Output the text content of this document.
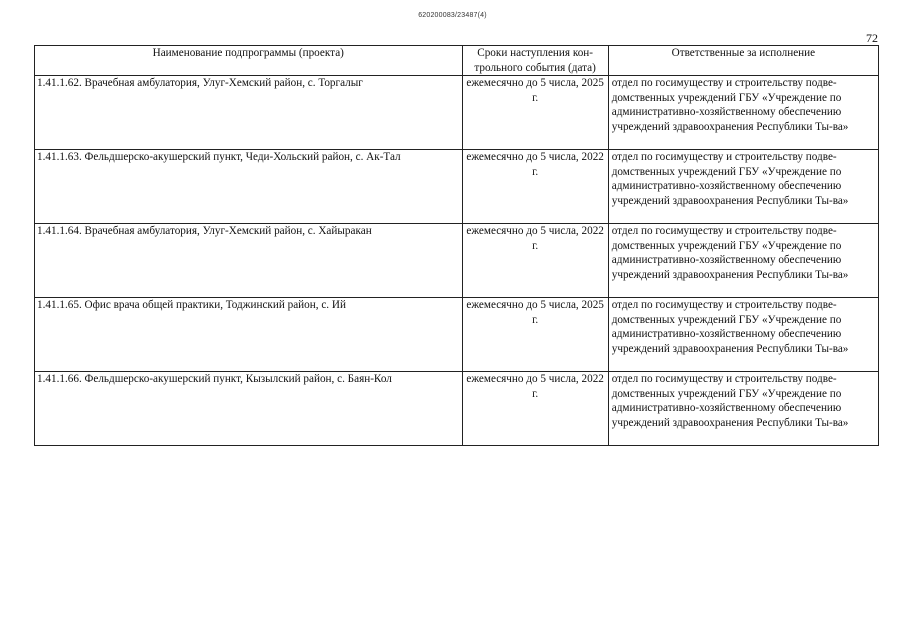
620200083/23487(4)
72
Наименование подпрограммы (проекта)	Сроки наступления кон-трольного события (дата)	Ответственные за исполнение
1.41.1.62. Врачебная амбулатория, Улуг-Хемский район, с. Торгалыг	ежемесячно до 5 числа, 2025 г.	отдел по госимуществу и строительству подве-домственных учреждений ГБУ «Учреждение по административно-хозяйственному обеспечению учреждений здравоохранения Республики Ты-ва»
1.41.1.63. Фельдшерско-акушерский пункт, Чеди-Хольский район, с. Ак-Тал	ежемесячно до 5 числа, 2022 г.	отдел по госимуществу и строительству подве-домственных учреждений ГБУ «Учреждение по административно-хозяйственному обеспечению учреждений здравоохранения Республики Ты-ва»
1.41.1.64. Врачебная амбулатория, Улуг-Хемский район, с. Хайыракан	ежемесячно до 5 числа, 2022 г.	отдел по госимуществу и строительству подве-домственных учреждений ГБУ «Учреждение по административно-хозяйственному обеспечению учреждений здравоохранения Республики Ты-ва»
1.41.1.65. Офис врача общей практики, Тоджинский район, с. Ий	ежемесячно до 5 числа, 2025 г.	отдел по госимуществу и строительству подве-домственных учреждений ГБУ «Учреждение по административно-хозяйственному обеспечению учреждений здравоохранения Республики Ты-ва»
1.41.1.66. Фельдшерско-акушерский пункт, Кызылский район, с. Баян-Кол	ежемесячно до 5 числа, 2022 г.	отдел по госимуществу и строительству подве-домственных учреждений ГБУ «Учреждение по административно-хозяйственному обеспечению учреждений здравоохранения Республики Ты-ва»
